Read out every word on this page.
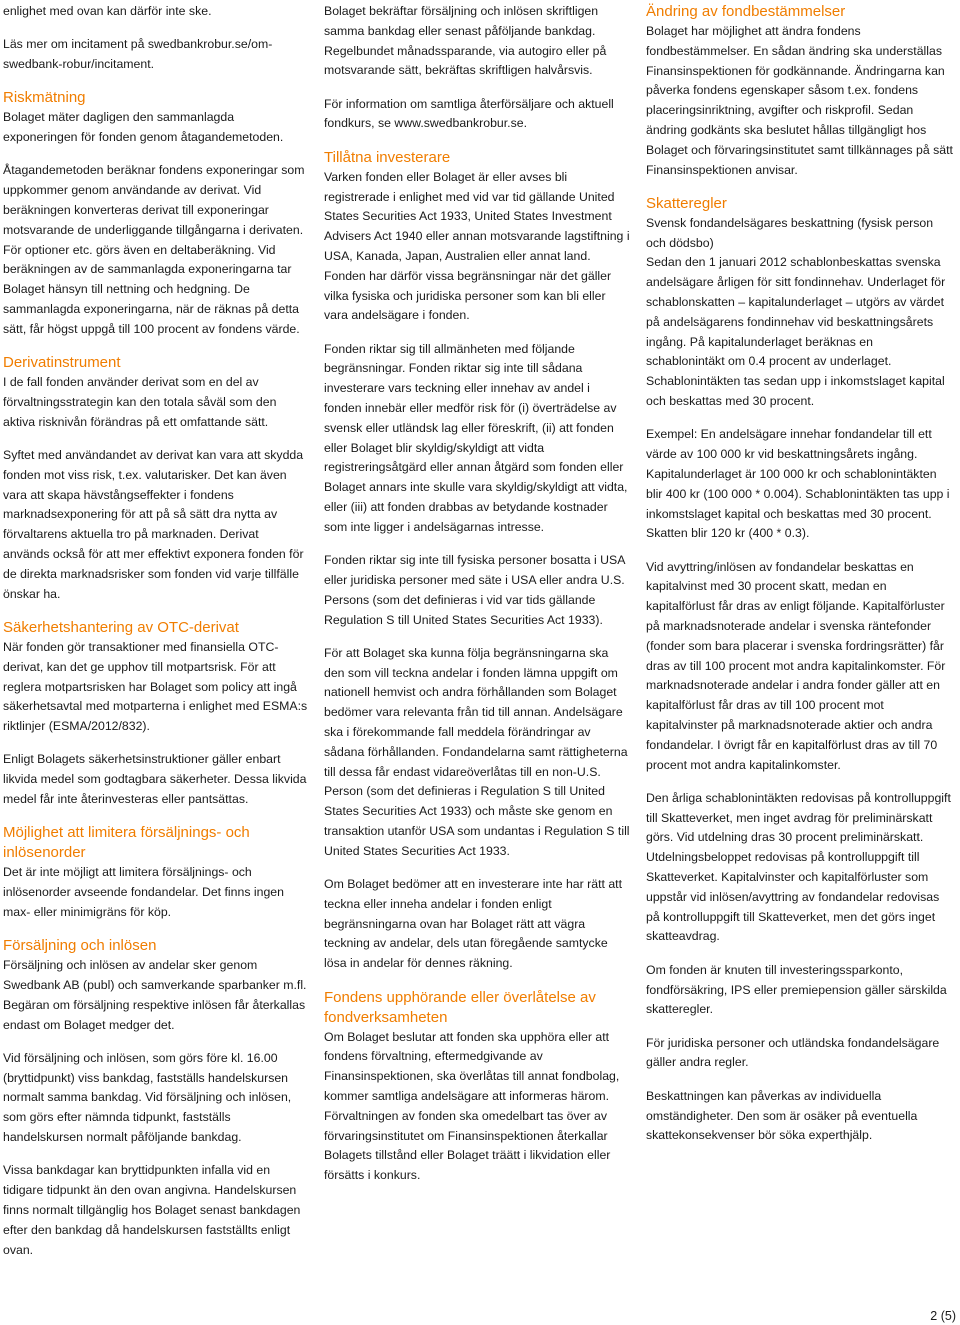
enlighet med ovan kan därför inte ske.

Läs mer om incitament på swedbankrobur.se/om-swedbank-robur/incitament.

Riskmätning

Bolaget mäter dagligen den sammanlagda exponeringen för fonden genom åtagandemetoden.

Åtagandemetoden beräknar fondens exponeringar som uppkommer genom användande av derivat. Vid beräkningen konverteras derivat till exponeringar motsvarande de underliggande tillgångarna i derivaten. För optioner etc. görs även en deltaberäkning. Vid beräkningen av de sammanlagda exponeringarna tar Bolaget hänsyn till nettning och hedgning. De sammanlagda exponeringarna, när de räknas på detta sätt, får högst uppgå till 100 procent av fondens värde.

Derivatinstrument

I de fall fonden använder derivat som en del av förvaltningsstrategin kan den totala såväl som den aktiva risknivån förändras på ett omfattande sätt.

Syftet med användandet av derivat kan vara att skydda fonden mot viss risk, t.ex. valutarisker. Det kan även vara att skapa hävstångseffekter i fondens marknadsexponering för att på så sätt dra nytta av förvaltarens aktuella tro på marknaden. Derivat används också för att mer effektivt exponera fonden för de direkta marknadsrisker som fonden vid varje tillfälle önskar ha.

Säkerhetshantering av OTC-derivat

När fonden gör transaktioner med finansiella OTC-derivat, kan det ge upphov till motpartsrisk. För att reglera motpartsrisken har Bolaget som policy att ingå säkerhetsavtal med motparterna i enlighet med ESMA:s riktlinjer (ESMA/2012/832).

Enligt Bolagets säkerhetsinstruktioner gäller enbart likvida medel som godtagbara säkerheter. Dessa likvida medel får inte återinvesteras eller pantsättas.

Möjlighet att limitera försäljnings- och inlösenorder

Det är inte möjligt att limitera försäljnings- och inlösenorder avseende fondandelar. Det finns ingen max- eller minimigräns för köp.

Försäljning och inlösen

Försäljning och inlösen av andelar sker genom Swedbank AB (publ) och samverkande sparbanker m.fl. Begäran om försäljning respektive inlösen får återkallas endast om Bolaget medger det.

Vid försäljning och inlösen, som görs före kl. 16.00 (bryttidpunkt) viss bankdag, fastställs handelskursen normalt samma bankdag. Vid försäljning och inlösen, som görs efter nämnda tidpunkt, fastställs handelskursen normalt påföljande bankdag.

Vissa bankdagar kan bryttidpunkten infalla vid en tidigare tidpunkt än den ovan angivna. Handelskursen finns normalt tillgänglig hos Bolaget senast bankdagen efter den bankdag då handelskursen fastställts enligt ovan.

Bolaget bekräftar försäljning och inlösen skriftligen samma bankdag eller senast påföljande bankdag. Regelbundet månadssparande, via autogiro eller på motsvarande sätt, bekräftas skriftligen halvårsvis.

För information om samtliga återförsäljare och aktuell fondkurs, se www.swedbankrobur.se.

Tillåtna investerare

Varken fonden eller Bolaget är eller avses bli registrerade i enlighet med vid var tid gällande United States Securities Act 1933, United States Investment Advisers Act 1940 eller annan motsvarande lagstiftning i USA, Kanada, Japan, Australien eller annat land. Fonden har därför vissa begränsningar när det gäller vilka fysiska och juridiska personer som kan bli eller vara andelsägare i fonden.

Fonden riktar sig till allmänheten med följande begränsningar. Fonden riktar sig inte till sådana investerare vars teckning eller innehav av andel i fonden innebär eller medför risk för (i) överträdelse av svensk eller utländsk lag eller föreskrift, (ii) att fonden eller Bolaget blir skyldig/skyldigt att vidta registreringsåtgärd eller annan åtgärd som fonden eller Bolaget annars inte skulle vara skyldig/skyldigt att vidta, eller (iii) att fonden drabbas av betydande kostnader som inte ligger i andelsägarnas intresse.

Fonden riktar sig inte till fysiska personer bosatta i USA eller juridiska personer med säte i USA eller andra U.S. Persons (som det definieras i vid var tids gällande Regulation S till United States Securities Act 1933).

För att Bolaget ska kunna följa begränsningarna ska den som vill teckna andelar i fonden lämna uppgift om nationell hemvist och andra förhållanden som Bolaget bedömer vara relevanta från tid till annan. Andelsägare ska i förekommande fall meddela förändringar av sådana förhållanden. Fondandelarna samt rättigheterna till dessa får endast vidareöverlåtas till en non-U.S. Person (som det definieras i Regulation S till United States Securities Act 1933) och måste ske genom en transaktion utanför USA som undantas i Regulation S till United States Securities Act 1933.

Om Bolaget bedömer att en investerare inte har rätt att teckna eller inneha andelar i fonden enligt begränsningarna ovan har Bolaget rätt att vägra teckning av andelar, dels utan föregående samtycke lösa in andelar för dennes räkning.

Fondens upphörande eller överlåtelse av fondverksamheten

Om Bolaget beslutar att fonden ska upphöra eller att fondens förvaltning, eftermedgivande av Finansinspektionen, ska överlåtas till annat fondbolag, kommer samtliga andelsägare att informeras härom. Förvaltningen av fonden ska omedelbart tas över av förvaringsinstitutet om Finansinspektionen återkallar Bolagets tillstånd eller Bolaget träätt i likvidation eller försätts i konkurs.

Ändring av fondbestämmelser

Bolaget har möjlighet att ändra fondens fondbestämmelser. En sådan ändring ska underställas Finansinspektionen för godkännande. Ändringarna kan påverka fondens egenskaper såsom t.ex. fondens placeringsinriktning, avgifter och riskprofil. Sedan ändring godkänts ska beslutet hållas tillgängligt hos Bolaget och förvaringsinstitutet samt tillkännages på sätt Finansinspektionen anvisar.

Skatteregler
Svensk fondandelsägares beskattning (fysisk person och dödsbo)

Sedan den 1 januari 2012 schablonbeskattas svenska andelsägare årligen för sitt fondinnehav. Underlaget för schablonskatten – kapitalunderlaget – utgörs av värdet på andelsägarens fondinnehav vid beskattningsårets ingång. På kapitalunderlaget beräknas en schablonintäkt om 0.4 procent av underlaget. Schablonintäkten tas sedan upp i inkomstslaget kapital och beskattas med 30 procent.

Exempel: En andelsägare innehar fondandelar till ett värde av 100 000 kr vid beskattningsårets ingång. Kapitalunderlaget är 100 000 kr och schablonintäkten blir 400 kr (100 000 * 0.004). Schablonintäkten tas upp i inkomstslaget kapital och beskattas med 30 procent. Skatten blir 120 kr (400 * 0.3).

Vid avyttring/inlösen av fondandelar beskattas en kapitalvinst med 30 procent skatt, medan en kapitalförlust får dras av enligt följande. Kapitalförluster på marknadsnoterade andelar i svenska räntefonder (fonder som bara placerar i svenska fordringsrätter) får dras av till 100 procent mot andra kapitalinkomster. För marknadsnoterade andelar i andra fonder gäller att en kapitalförlust får dras av till 100 procent mot kapitalvinster på marknadsnoterade aktier och andra fondandelar. I övrigt får en kapitalförlust dras av till 70 procent mot andra kapitalinkomster.

Den årliga schablonintäkten redovisas på kontrolluppgift till Skatteverket, men inget avdrag för preliminärskatt görs. Vid utdelning dras 30 procent preliminärskatt. Utdelningsbeloppet redovisas på kontrolluppgift till Skatteverket. Kapitalvinster och kapitalförluster som uppstår vid inlösen/avyttring av fondandelar redovisas på kontrolluppgift till Skatteverket, men det görs inget skatteavdrag.

Om fonden är knuten till investeringssparkonto, fondförsäkring, IPS eller premiepension gäller särskilda skatteregler.

För juridiska personer och utländska fondandelsägare gäller andra regler.

Beskattningen kan påverkas av individuella omständigheter. Den som är osäker på eventuella skattekonsekvenser bör söka experthjälp.

2 (5)
